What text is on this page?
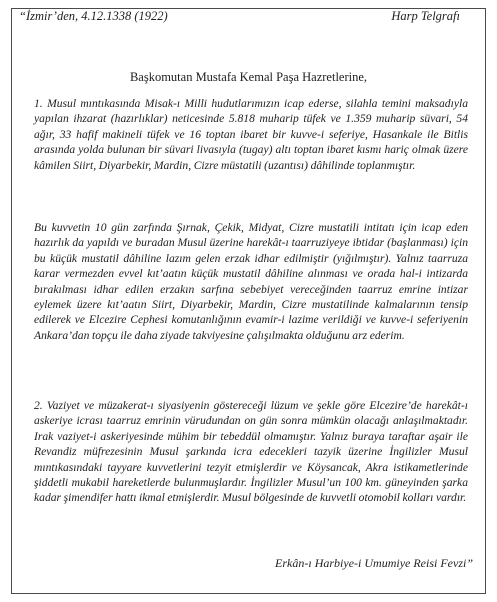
“İzmir’den, 4.12.1338 (1922)	Harp Telgrafı
Başkomutan Mustafa Kemal Paşa Hazretlerine,
1. Musul mıntıkasında Misak-ı Milli hudutlarımızın icap ederse, silahla temini maksadıyla yapılan ihzarat (hazırlıklar) neticesinde 5.818 muharip tüfek ve 1.359 muharip süvari, 54 ağır, 33 hafif makineli tüfek ve 16 toptan ibaret bir kuvve-i seferiye, Hasankale ile Bitlis arasında yolda bulunan bir süvari livasıyla (tugay) altı toptan ibaret kısmı hariç olmak üzere kâmilen Siirt, Diyarbekir, Mardin, Cizre müstatili (uzantısı) dâhilinde toplanmıştır.
Bu kuvvetin 10 gün zarfında Şırnak, Çekik, Midyat, Cizre mustatili intitatı için icap eden hazırlık da yapıldı ve buradan Musul üzerine harekât-ı taarruziyeye ibtidar (başlanması) için bu küçük mustatil dâhiline lazım gelen erzak idhar edilmiştir (yığılmıştır). Yalnız taarruza karar vermezden evvel kıt’aatın küçük mustatil dâhiline alınması ve orada hal-i intizarda bırakılması idhar edilen erzakın sarfına sebebiyet vereceğinden taarruz emrine intizar eylemek üzere kıt’aatın Siirt, Diyarbekir, Mardin, Cizre mustatilinde kalmalarının tensip edilerek ve Elcezire Cephesi komutanlığının evamir-i lazime verildiği ve kuvve-i seferiyenin Ankara’dan topçu ile daha ziyade takviyesine çalışılmakta olduğunu arz ederim.
2. Vaziyet ve müzakerat-ı siyasiyenin göstereceği lüzum ve şekle göre Elcezire’de harekât-ı askeriye icrası taarruz emrinin vürudundan on gün sonra mümkün olacağı anlaşılmaktadır. Irak vaziyet-i askeriyesinde mühim bir tebeddül olmamıştır. Yalnız buraya taraftar aşair ile Revandiz müfrezesinin Musul şarkında icra edecekleri tazyik üzerine İngilizler Musul mıntıkasındaki tayyare kuvvetlerini tezyit etmişlerdir ve Köysancak, Akra istikametlerinde şiddetli mukabil hareketlerde bulunmuşlardır. İngilizler Musul’un 100 km. güneyinden şarka kadar şimendifer hattı ikmal etmişlerdir. Musul bölgesinde de kuvvetli otomobil kolları vardır.
Erkân-ı Harbiye-i Umumiye Reisi Fevzi”
